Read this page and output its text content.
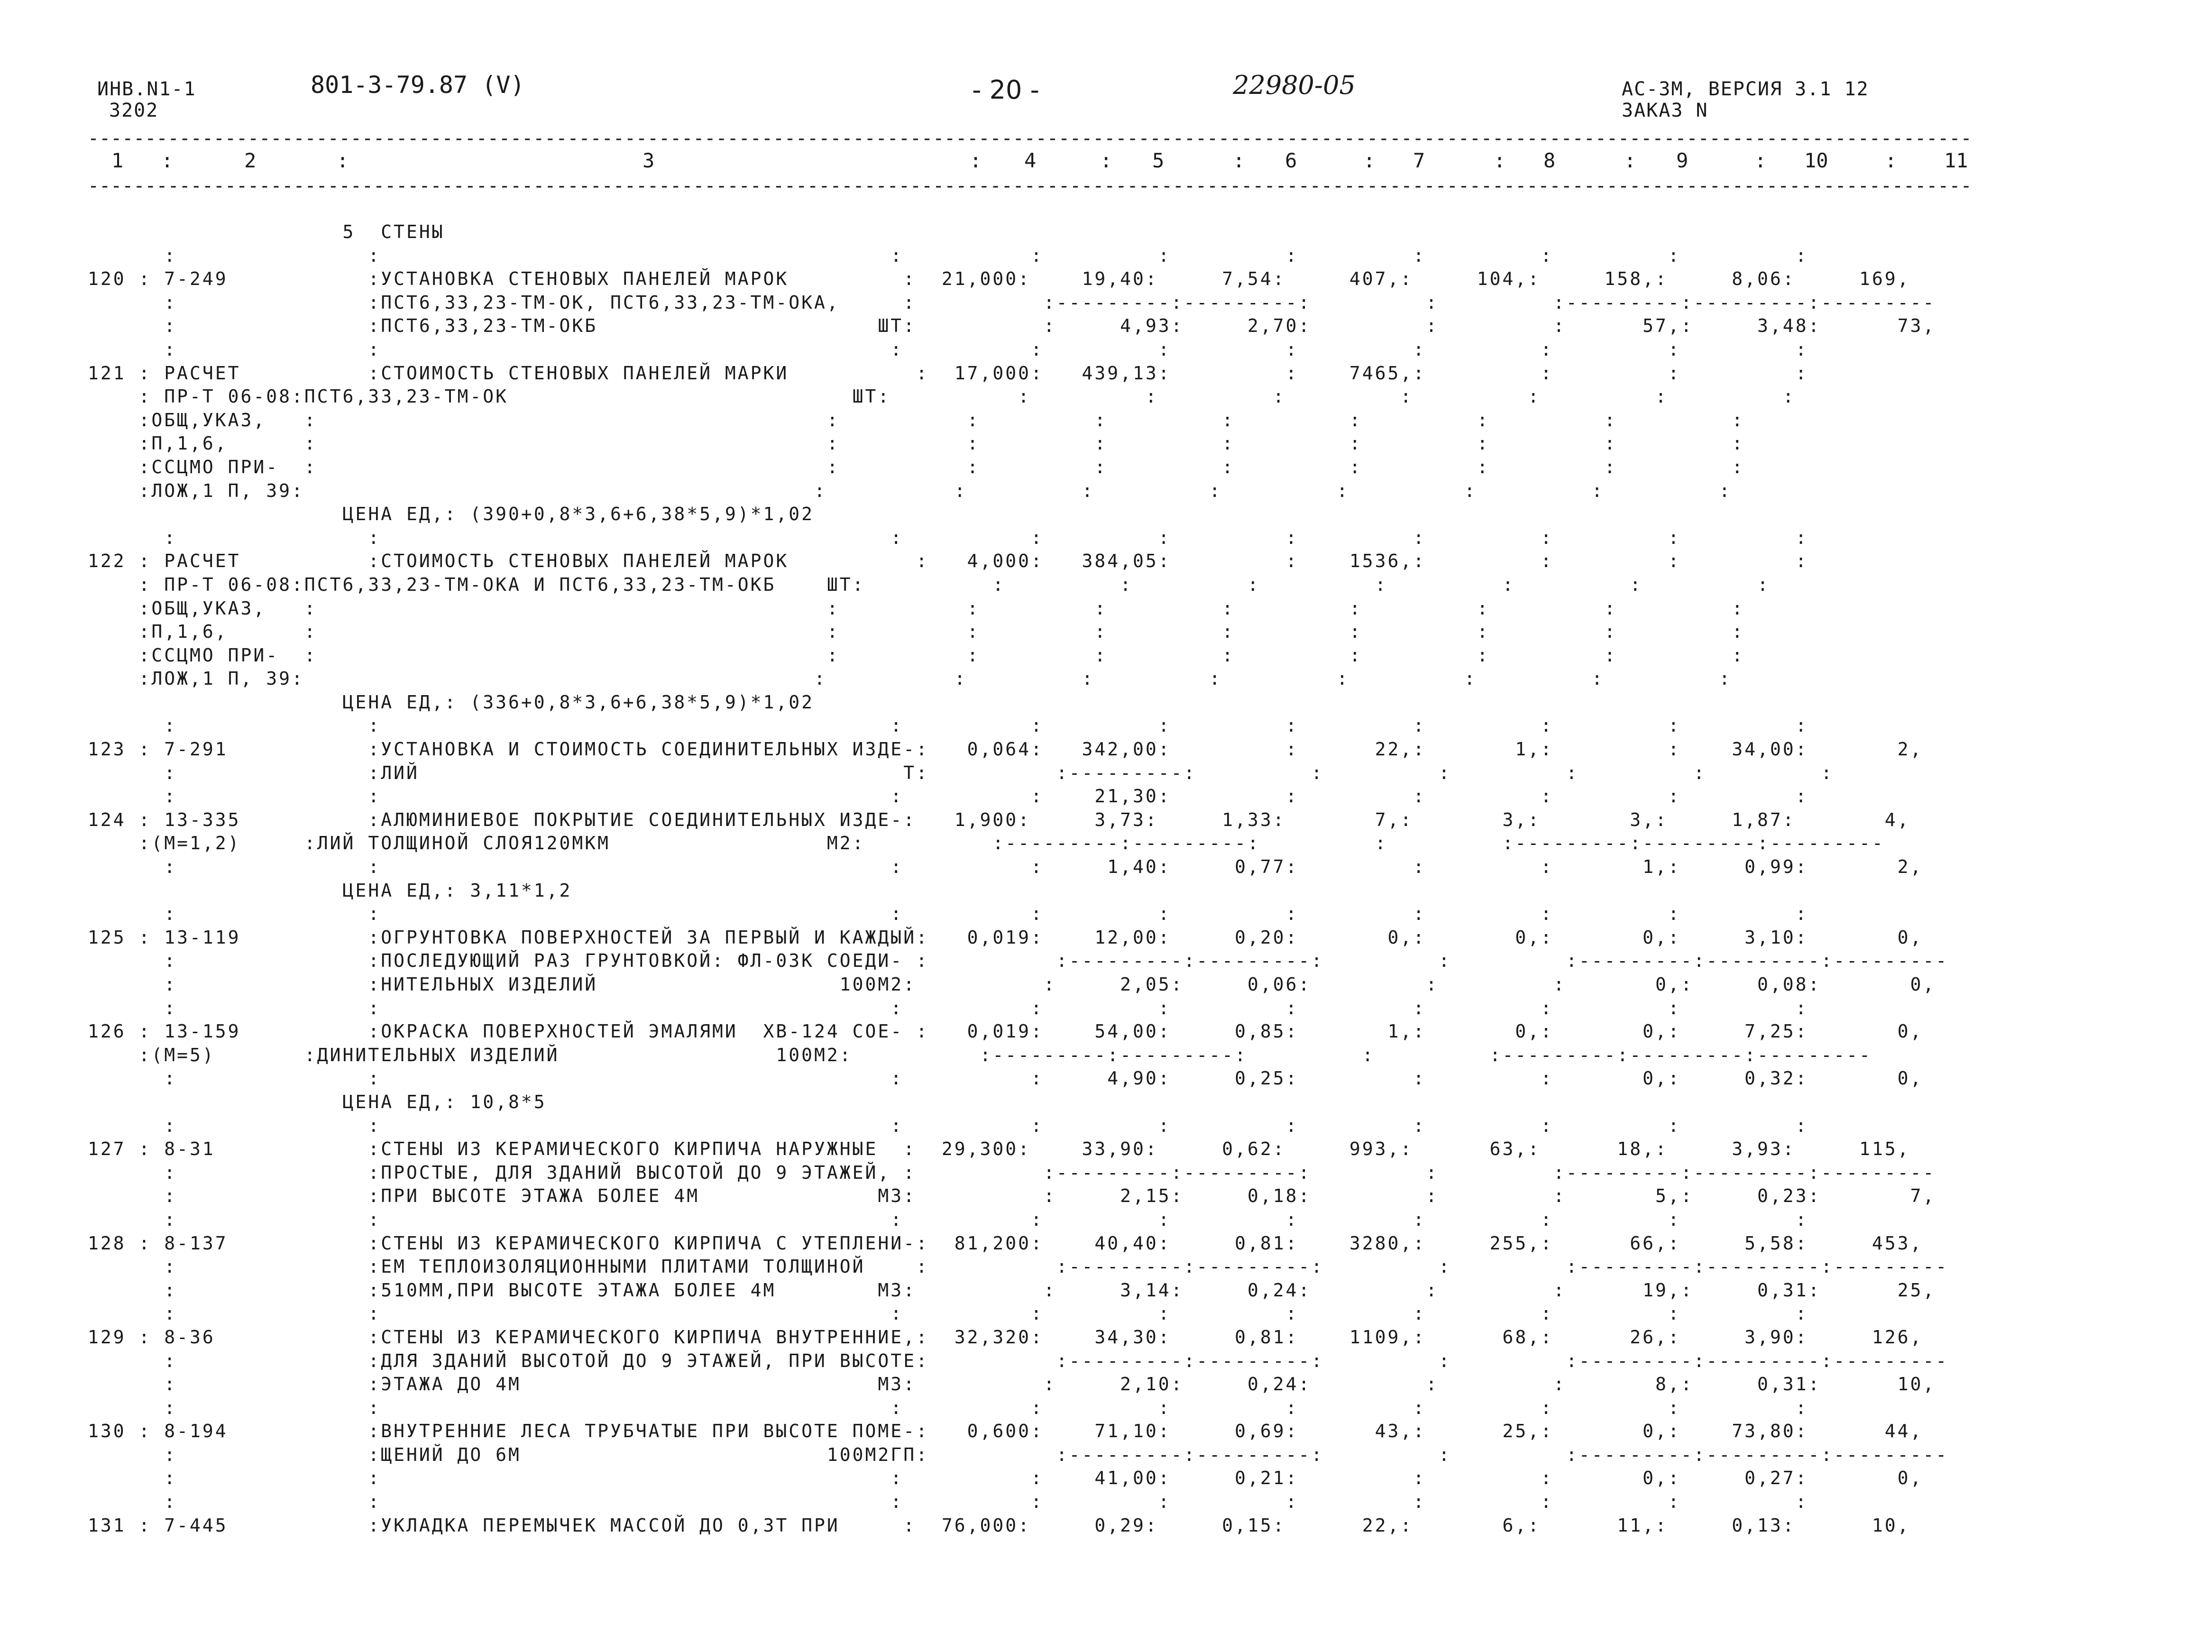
ИНВ.N1-1
3202
801-3-79.87 (V)	- 20 -	22980-05	АС-3М, ВЕРСИЯ 3.1 12
ЗАКАЗ N
---------------------------------------------------------------------------------------------------------------------------------------------------------------------
1 :	2	:	3	: 4	: 5	: 6	: 7	: 8	: 9	: 10	: 11
---------------------------------------------------------------------------------------------------------------------------------------------------------------------
5  СТЕНЫ
:               :                                        :          :         :         :         :         :         :         :
120 : 7-249           :УСТАНОВКА СТЕНОВЫХ ПАНЕЛЕЙ МАРОК         :  21,000:    19,40:     7,54:     407,:     104,:     158,:     8,06:     169,
:               :ПСТ6,33,23-ТМ-ОК, ПСТ6,33,23-ТМ-ОКА,     :          :---------:---------:         :         :---------:---------:---------
:               :ПСТ6,33,23-ТМ-ОКБ                      ШТ:          :     4,93:     2,70:         :         :      57,:     3,48:      73,
:               :                                        :          :         :         :         :         :         :         :
121 : РАСЧЕТ          :СТОИМОСТЬ СТЕНОВЫХ ПАНЕЛЕЙ МАРКИ          :  17,000:   439,13:         :    7465,:         :         :         :
: ПР-Т 06-08:ПСТ6,33,23-ТМ-ОК                           ШТ:          :         :         :         :         :         :         :
:ОБЩ,УКАЗ,   :                                        :          :         :         :         :         :         :         :
:П,1,6,      :                                        :          :         :         :         :         :         :         :
:ССЦМО ПРИ-  :                                        :          :         :         :         :         :         :         :
:ЛОЖ,1 П, 39:                                        :          :         :         :         :         :         :         :
ЦЕНА ЕД,: (390+0,8*3,6+6,38*5,9)*1,02
:               :                                        :          :         :         :         :         :         :         :
122 : РАСЧЕТ          :СТОИМОСТЬ СТЕНОВЫХ ПАНЕЛЕЙ МАРОК          :   4,000:   384,05:         :    1536,:         :         :         :
: ПР-Т 06-08:ПСТ6,33,23-ТМ-ОКА И ПСТ6,33,23-ТМ-ОКБ    ШТ:          :         :         :         :         :         :         :
:ОБЩ,УКАЗ,   :                                        :          :         :         :         :         :         :         :
:П,1,6,      :                                        :          :         :         :         :         :         :         :
:ССЦМО ПРИ-  :                                        :          :         :         :         :         :         :         :
:ЛОЖ,1 П, 39:                                        :          :         :         :         :         :         :         :
ЦЕНА ЕД,: (336+0,8*3,6+6,38*5,9)*1,02
:               :                                        :          :         :         :         :         :         :         :
123 : 7-291           :УСТАНОВКА И СТОИМОСТЬ СОЕДИНИТЕЛЬНЫХ ИЗДЕ-:   0,064:   342,00:         :      22,:       1,:         :    34,00:       2,
:               :ЛИЙ                                      Т:          :---------:         :         :         :         :         :
:               :                                        :          :    21,30:         :         :         :         :         :
124 : 13-335          :АЛЮМИНИЕВОЕ ПОКРЫТИЕ СОЕДИНИТЕЛЬНЫХ ИЗДЕ-:   1,900:     3,73:     1,33:       7,:       3,:       3,:     1,87:       4,
:(М=1,2)     :ЛИЙ ТОЛЩИНОЙ СЛОЯ120МКМ                 М2:          :---------:---------:         :         :---------:---------:---------
:               :                                        :          :     1,40:     0,77:         :         :       1,:     0,99:       2,
ЦЕНА ЕД,: 3,11*1,2
:               :                                        :          :         :         :         :         :         :         :
125 : 13-119          :ОГРУНТОВКА ПОВЕРХНОСТЕЙ ЗА ПЕРВЫЙ И КАЖДЫЙ:   0,019:    12,00:     0,20:       0,:       0,:       0,:     3,10:       0,
:               :ПОСЛЕДУЮЩИЙ РАЗ ГРУНТОВКОЙ: ФЛ-03К СОЕДИ- :          :---------:---------:         :         :---------:---------:---------
:               :НИТЕЛЬНЫХ ИЗДЕЛИЙ                   100М2:          :     2,05:     0,06:         :         :       0,:     0,08:       0,
:               :                                        :          :         :         :         :         :         :         :
126 : 13-159          :ОКРАСКА ПОВЕРХНОСТЕЙ ЭМАЛЯМИ  ХВ-124 СОЕ- :   0,019:    54,00:     0,85:       1,:       0,:       0,:     7,25:       0,
:(М=5)       :ДИНИТЕЛЬНЫХ ИЗДЕЛИЙ                 100М2:          :---------:---------:         :         :---------:---------:---------
:               :                                        :          :     4,90:     0,25:         :         :       0,:     0,32:       0,
ЦЕНА ЕД,: 10,8*5
:               :                                        :          :         :         :         :         :         :         :
127 : 8-31            :СТЕНЫ ИЗ КЕРАМИЧЕСКОГО КИРПИЧА НАРУЖНЫЕ  :  29,300:    33,90:     0,62:     993,:      63,:      18,:     3,93:     115,
:               :ПРОСТЫЕ, ДЛЯ ЗДАНИЙ ВЫСОТОЙ ДО 9 ЭТАЖЕЙ, :          :---------:---------:         :         :---------:---------:---------
:               :ПРИ ВЫСОТЕ ЭТАЖА БОЛЕЕ 4М              М3:          :     2,15:     0,18:         :         :       5,:     0,23:       7,
:               :                                        :          :         :         :         :         :         :         :
128 : 8-137           :СТЕНЫ ИЗ КЕРАМИЧЕСКОГО КИРПИЧА С УТЕПЛЕНИ-:  81,200:    40,40:     0,81:    3280,:     255,:      66,:     5,58:     453,
:               :ЕМ ТЕПЛОИЗОЛЯЦИОННЫМИ ПЛИТАМИ ТОЛЩИНОЙ    :          :---------:---------:         :         :---------:---------:---------
:               :510ММ,ПРИ ВЫСОТЕ ЭТАЖА БОЛЕЕ 4М        М3:          :     3,14:     0,24:         :         :      19,:     0,31:      25,
:               :                                        :          :         :         :         :         :         :         :
129 : 8-36            :СТЕНЫ ИЗ КЕРАМИЧЕСКОГО КИРПИЧА ВНУТРЕННИЕ,:  32,320:    34,30:     0,81:    1109,:      68,:      26,:     3,90:     126,
:               :ДЛЯ ЗДАНИЙ ВЫСОТОЙ ДО 9 ЭТАЖЕЙ, ПРИ ВЫСОТЕ:          :---------:---------:         :         :---------:---------:---------
:               :ЭТАЖА ДО 4М                            М3:          :     2,10:     0,24:         :         :       8,:     0,31:      10,
:               :                                        :          :         :         :         :         :         :         :
130 : 8-194           :ВНУТРЕННИЕ ЛЕСА ТРУБЧАТЫЕ ПРИ ВЫСОТЕ ПОМЕ-:   0,600:    71,10:     0,69:      43,:      25,:       0,:    73,80:      44,
:               :ЩЕНИЙ ДО 6М                        100М2ГП:          :---------:---------:         :         :---------:---------:---------
:               :                                        :          :    41,00:     0,21:         :         :       0,:     0,27:       0,
:               :                                        :          :         :         :         :         :         :         :
131 : 7-445           :УКЛАДКА ПЕРЕМЫЧЕК МАССОЙ ДО 0,3Т ПРИ     :  76,000:     0,29:     0,15:      22,:       6,:      11,:     0,13:      10,
